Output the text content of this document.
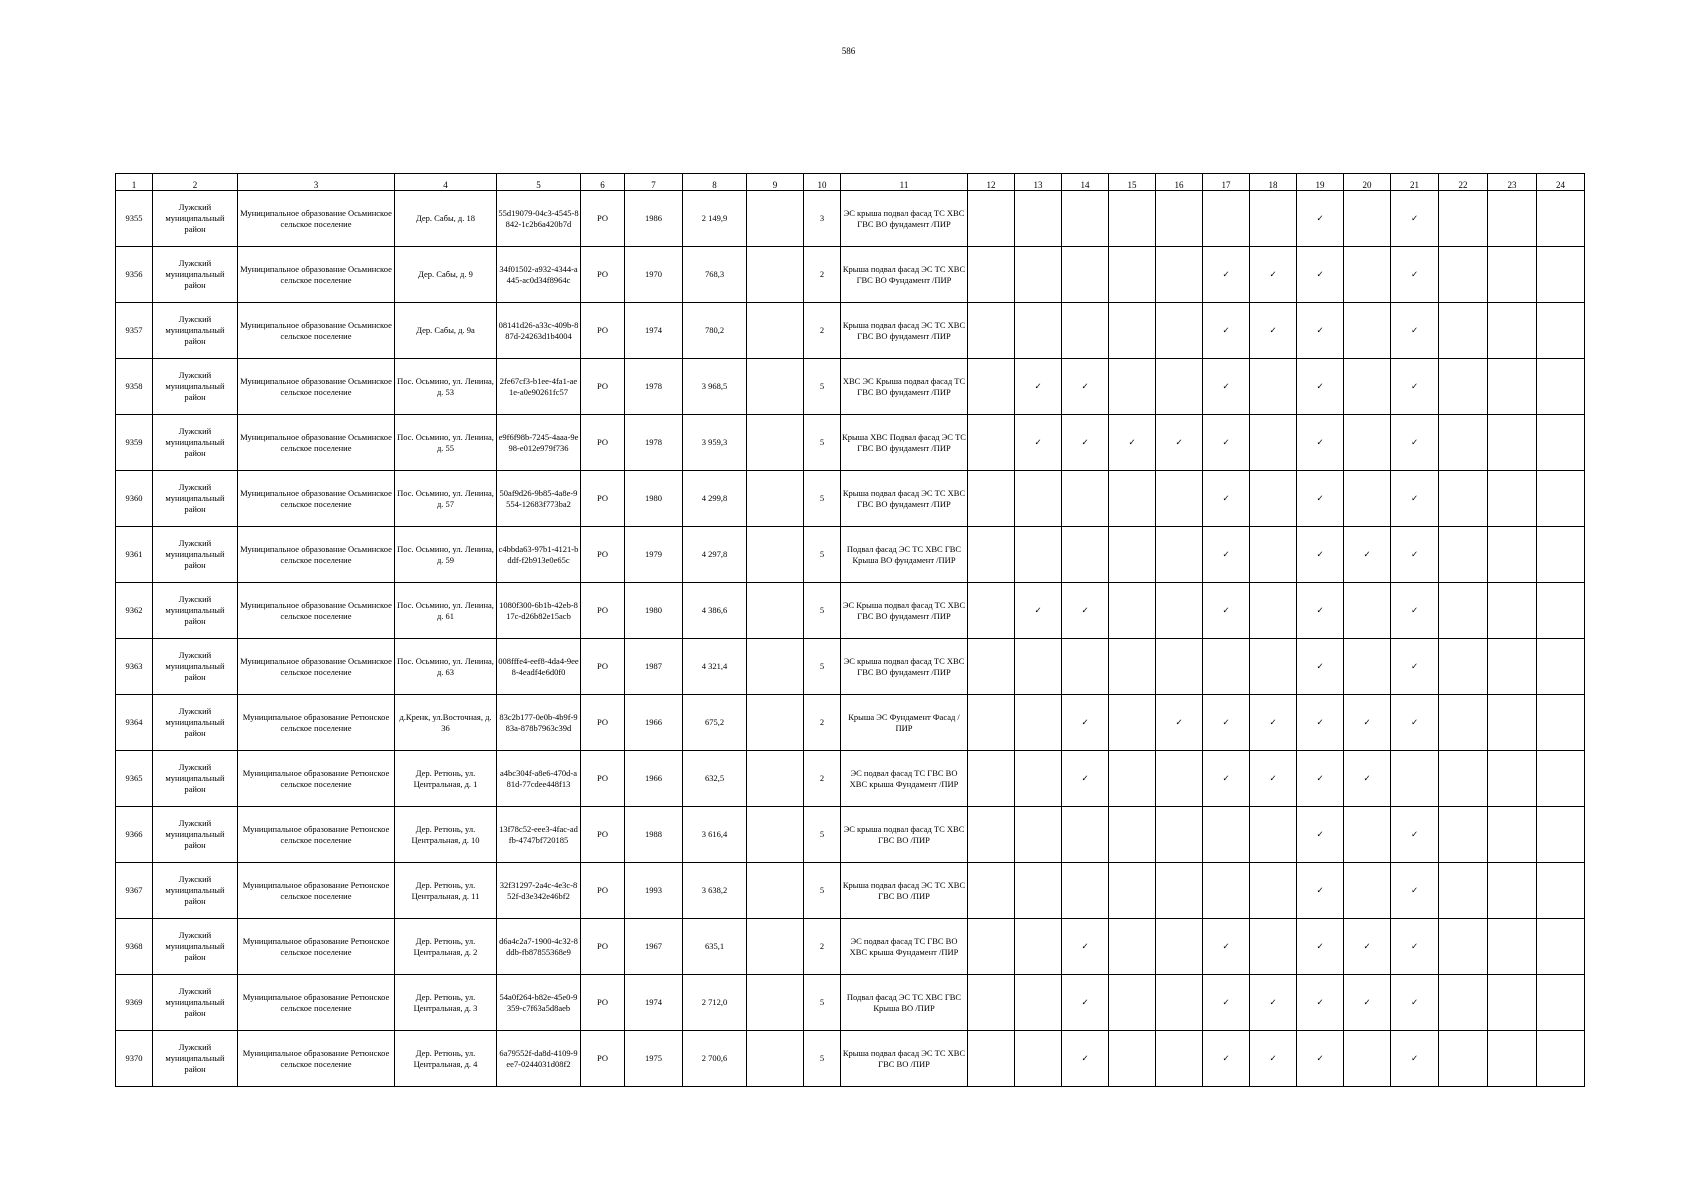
586
1	2	3	4	5	6	7	8	9	10	11	12	13	14	15	16	17	18	19	20	21	22	23	24
9355	Лужский муниципальный район	Муниципальное образование Осьминское сельское поселение	Дер. Сабы, д. 18	55d19079-04c3-4545-8842-1c2b6a420b7d	РО	1986	2 149,9		3	ЭС крыша подвал фасад ТС ХВС ГВС ВО фундамент /ПИР								✓		✓			
9356	Лужский муниципальный район	Муниципальное образование Осьминское сельское поселение	Дер. Сабы, д. 9	34f01502-a932-4344-a445-ac0d34f8964c	РО	1970	768,3		2	Крыша подвал фасад ЭС ТС ХВС ГВС ВО Фундамент /ПИР						✓	✓	✓		✓			
9357	Лужский муниципальный район	Муниципальное образование Осьминское сельское поселение	Дер. Сабы, д. 9а	08141d26-a33c-409b-887d-24263d1b4004	РО	1974	780,2		2	Крыша подвал фасад ЭС ТС ХВС ГВС ВО фундамент /ПИР						✓	✓	✓		✓			
9358	Лужский муниципальный район	Муниципальное образование Осьминское сельское поселение	Пос. Осьмино, ул. Ленина, д. 53	2fe67cf3-b1ee-4fa1-ae1e-a0e90261fc57	РО	1978	3 968,5		5	ХВС ЭС Крыша подвал фасад ТС ГВС ВО фундамент /ПИР		✓	✓			✓		✓		✓			
9359	Лужский муниципальный район	Муниципальное образование Осьминское сельское поселение	Пос. Осьмино, ул. Ленина, д. 55	e9f6f98b-7245-4aaa-9e98-e012e979f736	РО	1978	3 959,3		5	Крыша ХВС Подвал фасад ЭС ТС ГВС ВО фундамент /ПИР		✓	✓	✓	✓	✓		✓		✓			
9360	Лужский муниципальный район	Муниципальное образование Осьминское сельское поселение	Пос. Осьмино, ул. Ленина, д. 57	50af9d26-9b85-4a8e-9554-12683f773ba2	РО	1980	4 299,8		5	Крыша подвал фасад ЭС ТС ХВС ГВС ВО фундамент /ПИР						✓		✓		✓			
9361	Лужский муниципальный район	Муниципальное образование Осьминское сельское поселение	Пос. Осьмино, ул. Ленина, д. 59	c4bbda63-97b1-4121-bddf-f2b913e0e65c	РО	1979	4 297,8		5	Подвал фасад ЭС ТС ХВС ГВС Крыша ВО фундамент /ПИР						✓		✓	✓	✓			
9362	Лужский муниципальный район	Муниципальное образование Осьминское сельское поселение	Пос. Осьмино, ул. Ленина, д. 61	1080f300-6b1b-42eb-817c-d26b82e15acb	РО	1980	4 386,6		5	ЭС Крыша подвал фасад ТС ХВС ГВС ВО фундамент /ПИР		✓	✓			✓		✓		✓			
9363	Лужский муниципальный район	Муниципальное образование Осьминское сельское поселение	Пос. Осьмино, ул. Ленина, д. 63	008fffe4-eef8-4da4-9ee8-4eadf4e6d0f0	РО	1987	4 321,4		5	ЭС крыша подвал фасад ТС ХВС ГВС ВО фундамент /ПИР								✓		✓			
9364	Лужский муниципальный район	Муниципальное образование Ретюнское сельское поселение	д.Кренк, ул.Восточная, д. 36	83c2b177-0e0b-4b9f-983a-878b7963c39d	РО	1966	675,2		2	Крыша ЭС Фундамент Фасад /ПИР			✓		✓	✓	✓	✓	✓	✓			
9365	Лужский муниципальный район	Муниципальное образование Ретюнское сельское поселение	Дер. Ретюнь, ул. Центральная, д. 1	a4bc304f-a8e6-470d-a81d-77cdee448f13	РО	1966	632,5		2	ЭС подвал фасад ТС ГВС ВО ХВС крыша Фундамент /ПИР			✓			✓	✓	✓	✓				
9366	Лужский муниципальный район	Муниципальное образование Ретюнское сельское поселение	Дер. Ретюнь, ул. Центральная, д. 10	13f78c52-eee3-4fac-adfb-4747bf720185	РО	1988	3 616,4		5	ЭС крыша подвал фасад ТС ХВС ГВС ВО /ПИР								✓		✓			
9367	Лужский муниципальный район	Муниципальное образование Ретюнское сельское поселение	Дер. Ретюнь, ул. Центральная, д. 11	32f31297-2a4c-4e3c-852f-d3e342e46bf2	РО	1993	3 638,2		5	Крыша подвал фасад ЭС ТС ХВС ГВС ВО /ПИР								✓		✓			
9368	Лужский муниципальный район	Муниципальное образование Ретюнское сельское поселение	Дер. Ретюнь, ул. Центральная, д. 2	d6a4c2a7-1900-4c32-8ddb-fb87855368e9	РО	1967	635,1		2	ЭС подвал фасад ТС ГВС ВО ХВС крыша Фундамент /ПИР			✓			✓		✓	✓	✓			
9369	Лужский муниципальный район	Муниципальное образование Ретюнское сельское поселение	Дер. Ретюнь, ул. Центральная, д. 3	54a0f264-b82e-45e0-9359-c7f63a5d8aeb	РО	1974	2 712,0		5	Подвал фасад ЭС ТС ХВС ГВС Крыша ВО /ПИР			✓			✓	✓	✓	✓	✓			
9370	Лужский муниципальный район	Муниципальное образование Ретюнское сельское поселение	Дер. Ретюнь, ул. Центральная, д. 4	6a79552f-da8d-4109-9ee7-0244031d08f2	РО	1975	2 700,6		5	Крыша подвал фасад ЭС ТС ХВС ГВС ВО /ПИР			✓			✓	✓	✓		✓			
